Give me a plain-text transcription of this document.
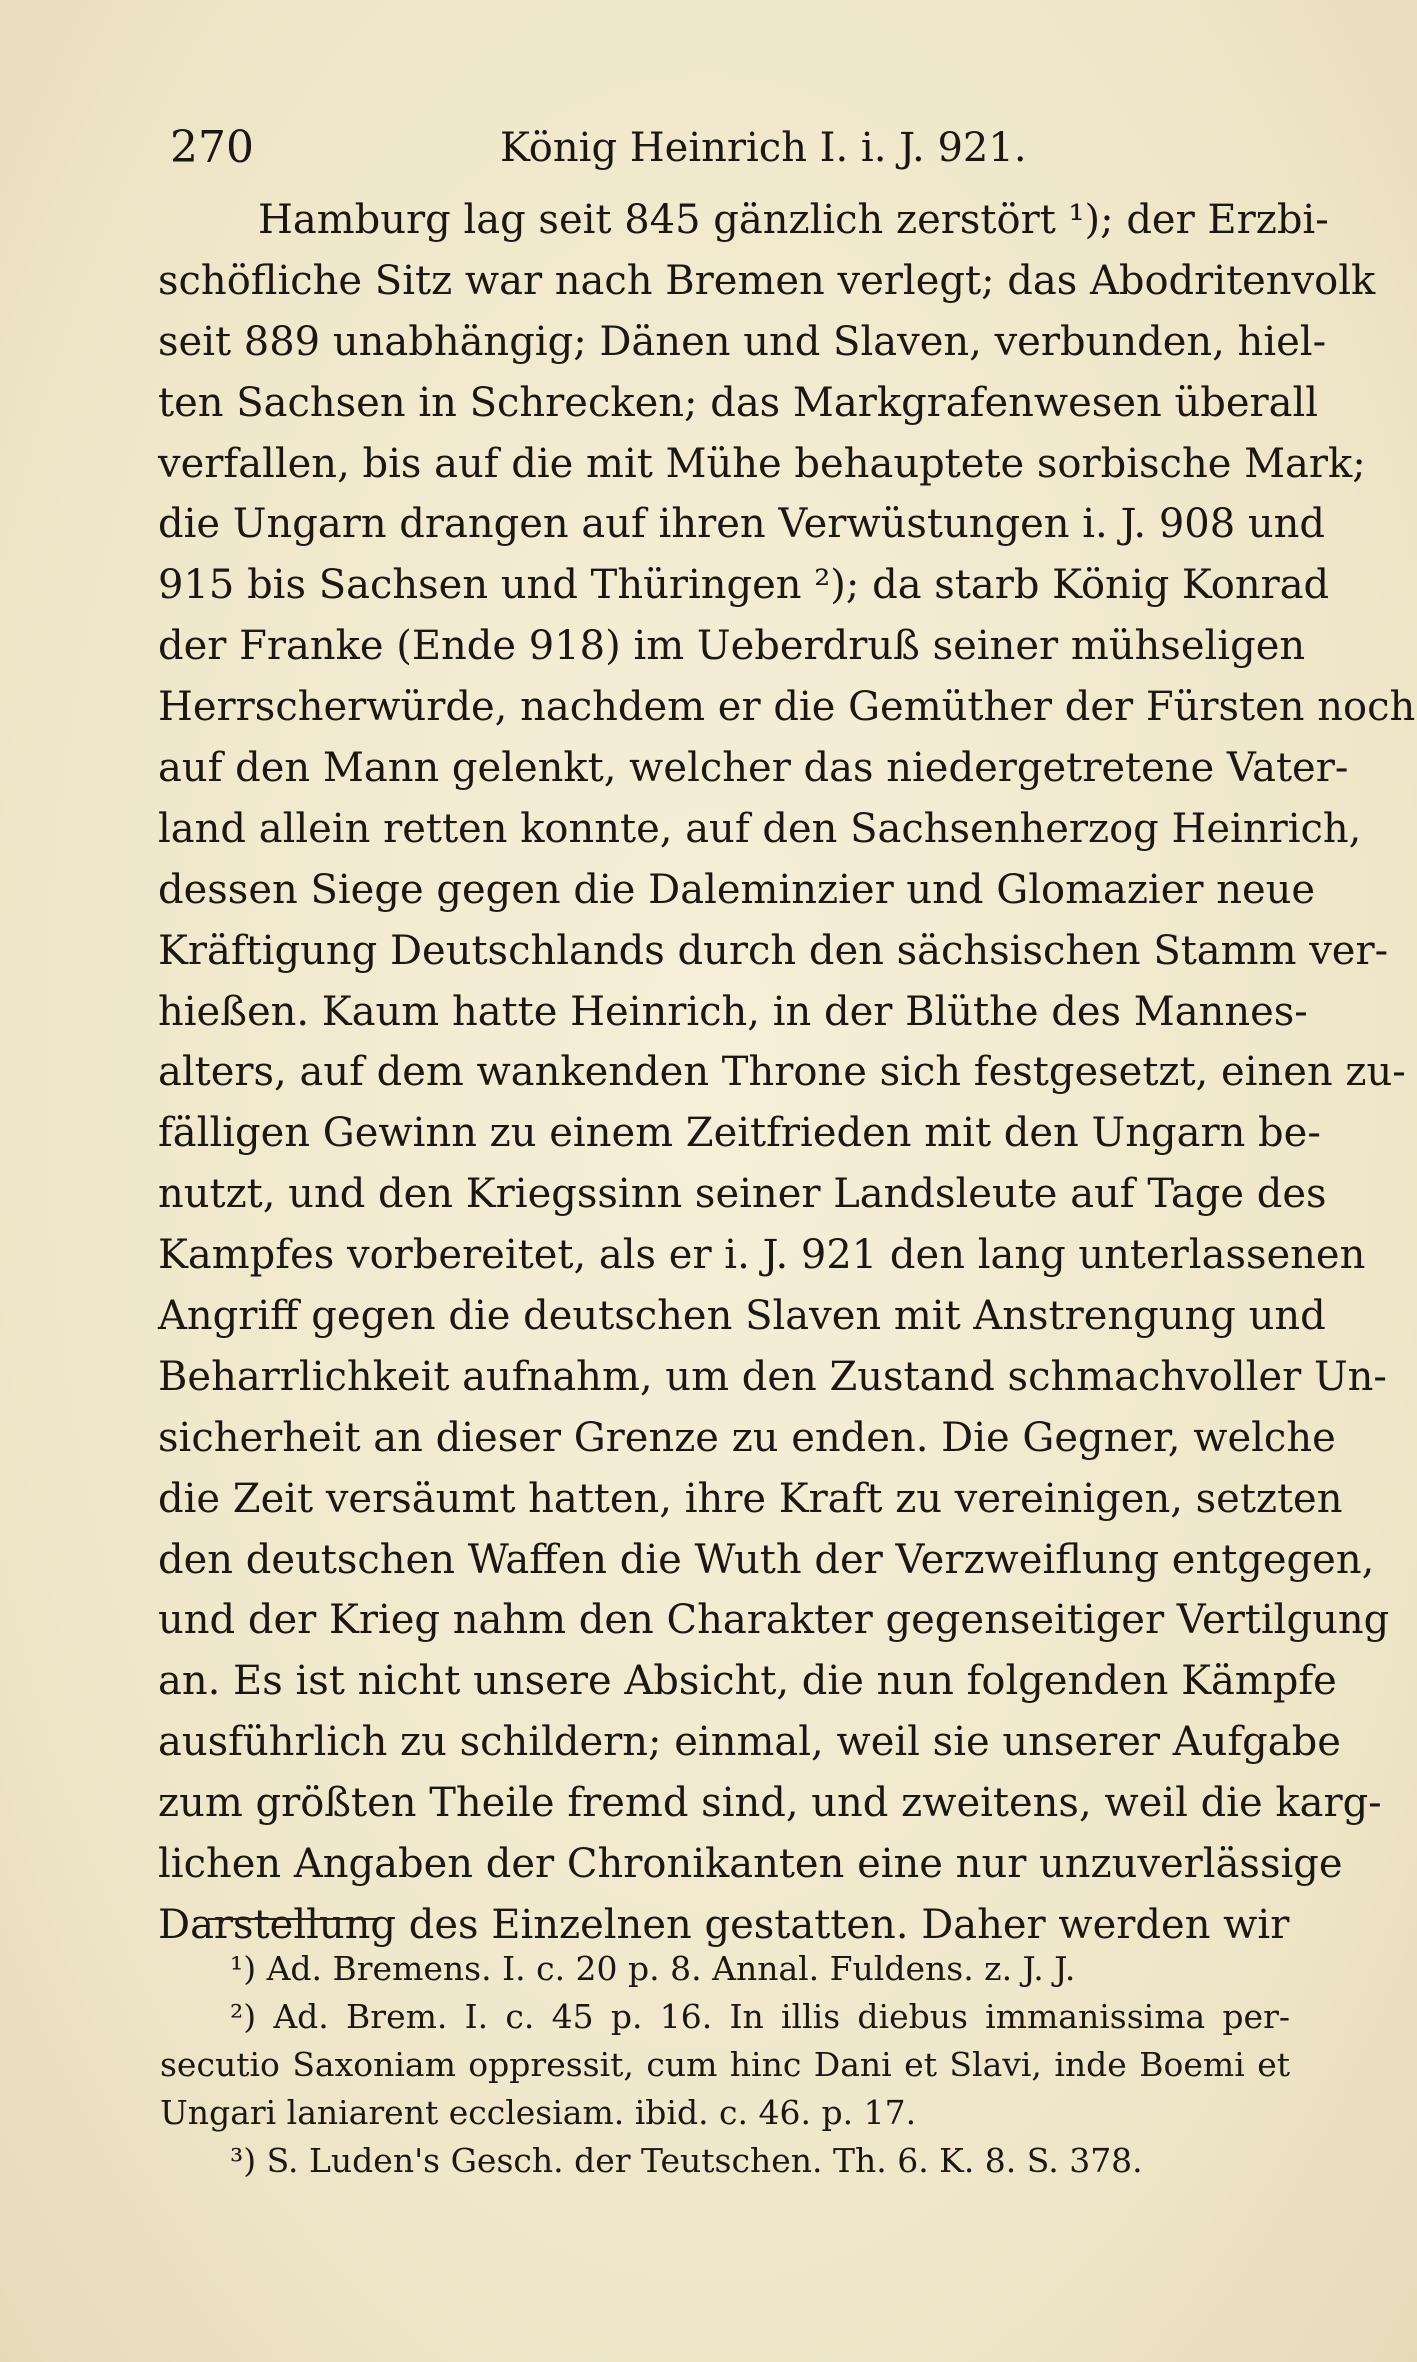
270	König Heinrich I. i. J. 921.
Hamburg lag seit 845 gänzlich zerstört ¹); der Erzbi-
schöfliche Sitz war nach Bremen verlegt; das Abodritenvolk
seit 889 unabhängig; Dänen und Slaven, verbunden, hiel-
ten Sachsen in Schrecken; das Markgrafenwesen überall
verfallen, bis auf die mit Mühe behauptete sorbische Mark;
die Ungarn drangen auf ihren Verwüstungen i. J. 908 und
915 bis Sachsen und Thüringen ²); da starb König Konrad
der Franke (Ende 918) im Ueberdruß seiner mühseligen
Herrscherwürde, nachdem er die Gemüther der Fürsten noch
auf den Mann gelenkt, welcher das niedergetretene Vater-
land allein retten konnte, auf den Sachsenherzog Heinrich,
dessen Siege gegen die Daleminzier und Glomazier neue
Kräftigung Deutschlands durch den sächsischen Stamm ver-
hießen. Kaum hatte Heinrich, in der Blüthe des Mannes-
alters, auf dem wankenden Throne sich festgesetzt, einen zu-
fälligen Gewinn zu einem Zeitfrieden mit den Ungarn be-
nutzt, und den Kriegssinn seiner Landsleute auf Tage des
Kampfes vorbereitet, als er i. J. 921 den lang unterlassenen
Angriff gegen die deutschen Slaven mit Anstrengung und
Beharrlichkeit aufnahm, um den Zustand schmachvoller Un-
sicherheit an dieser Grenze zu enden. Die Gegner, welche
die Zeit versäumt hatten, ihre Kraft zu vereinigen, setzten
den deutschen Waffen die Wuth der Verzweiflung entgegen,
und der Krieg nahm den Charakter gegenseitiger Vertilgung
an. Es ist nicht unsere Absicht, die nun folgenden Kämpfe
ausführlich zu schildern; einmal, weil sie unserer Aufgabe
zum größten Theile fremd sind, und zweitens, weil die karg-
lichen Angaben der Chronikanten eine nur unzuverlässige
Darstellung des Einzelnen gestatten. Daher werden wir
¹) Ad. Bremens. I. c. 20 p. 8. Annal. Fuldens. z. J. J.
²) Ad. Brem. I. c. 45 p. 16. In illis diebus immanissima per-
secutio Saxoniam oppressit, cum hinc Dani et Slavi, inde Boemi et
Ungari laniarent ecclesiam. ibid. c. 46. p. 17.
³) S. Luden's Gesch. der Teutschen. Th. 6. K. 8. S. 378.
